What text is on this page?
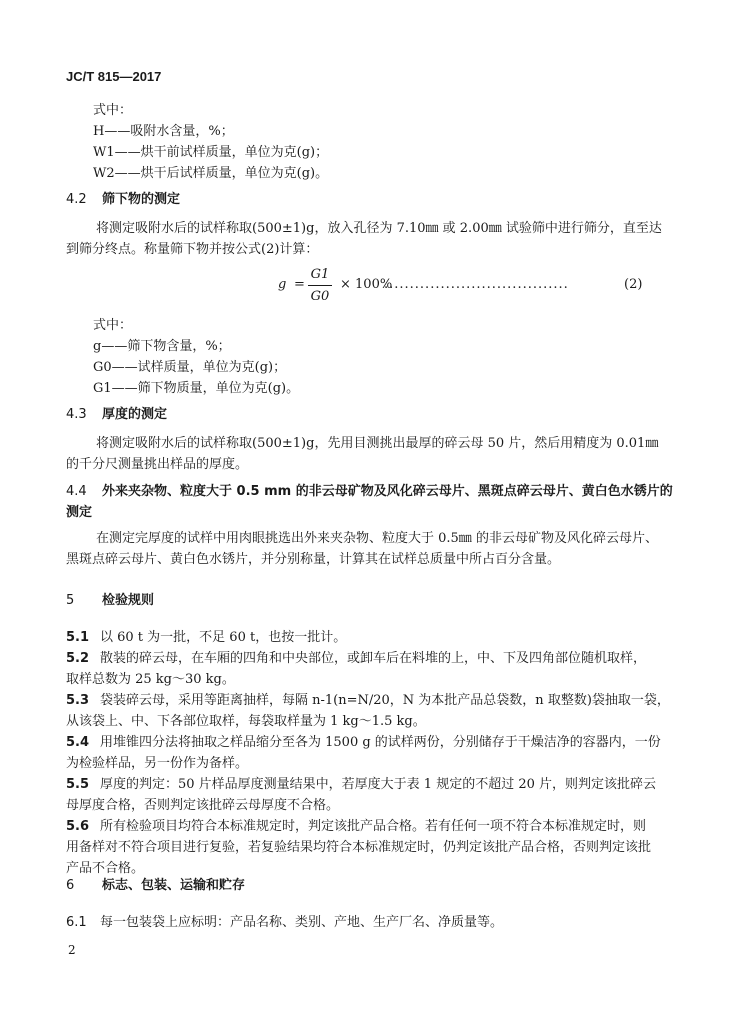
JC/T 815—2017
式中：
H——吸附水含量，%；
W1——烘干前试样质量，单位为克(g)；
W2——烘干后试样质量，单位为克(g)。
4.2 筛下物的测定
将测定吸附水后的试样称取(500±1)g，放入孔径为 7.10㎜ 或 2.00㎜ 试验筛中进行筛分，直至达
到筛分终点。称量筛下物并按公式(2)计算：
g =
G1
G0
× 100%
....................................	(2)
式中：
g——筛下物含量，%；
G0——试样质量，单位为克(g)；
G1——筛下物质量，单位为克(g)。
4.3 厚度的测定
将测定吸附水后的试样称取(500±1)g，先用目测挑出最厚的碎云母 50 片，然后用精度为 0.01㎜
的千分尺测量挑出样品的厚度。
4.4 外来夹杂物、粒度大于 0.5 mm 的非云母矿物及风化碎云母片、黑斑点碎云母片、黄白色水锈片的
测定
在测定完厚度的试样中用肉眼挑选出外来夹杂物、粒度大于 0.5㎜ 的非云母矿物及风化碎云母片、
黑斑点碎云母片、黄白色水锈片，并分别称量，计算其在试样总质量中所占百分含量。
5 检验规则
5.1 以 60 t 为一批，不足 60 t，也按一批计。
5.2 散装的碎云母，在车厢的四角和中央部位，或卸车后在料堆的上，中、下及四角部位随机取样，
取样总数为 25 kg～30 kg。
5.3 袋装碎云母，采用等距离抽样，每隔 n-1(n=N/20，N 为本批产品总袋数，n 取整数)袋抽取一袋，
从该袋上、中、下各部位取样，每袋取样量为 1 kg～1.5 kg。
5.4 用堆锥四分法将抽取之样品缩分至各为 1500 g 的试样两份，分别储存于干燥洁净的容器内，一份
为检验样品，另一份作为备样。
5.5 厚度的判定：50 片样品厚度测量结果中，若厚度大于表 1 规定的不超过 20 片，则判定该批碎云
母厚度合格，否则判定该批碎云母厚度不合格。
5.6 所有检验项目均符合本标准规定时，判定该批产品合格。若有任何一项不符合本标准规定时，则
用备样对不符合项目进行复验，若复验结果均符合本标准规定时，仍判定该批产品合格，否则判定该批
产品不合格。
6 标志、包装、运输和贮存
6.1 每一包装袋上应标明：产品名称、类别、产地、生产厂名、净质量等。
2
